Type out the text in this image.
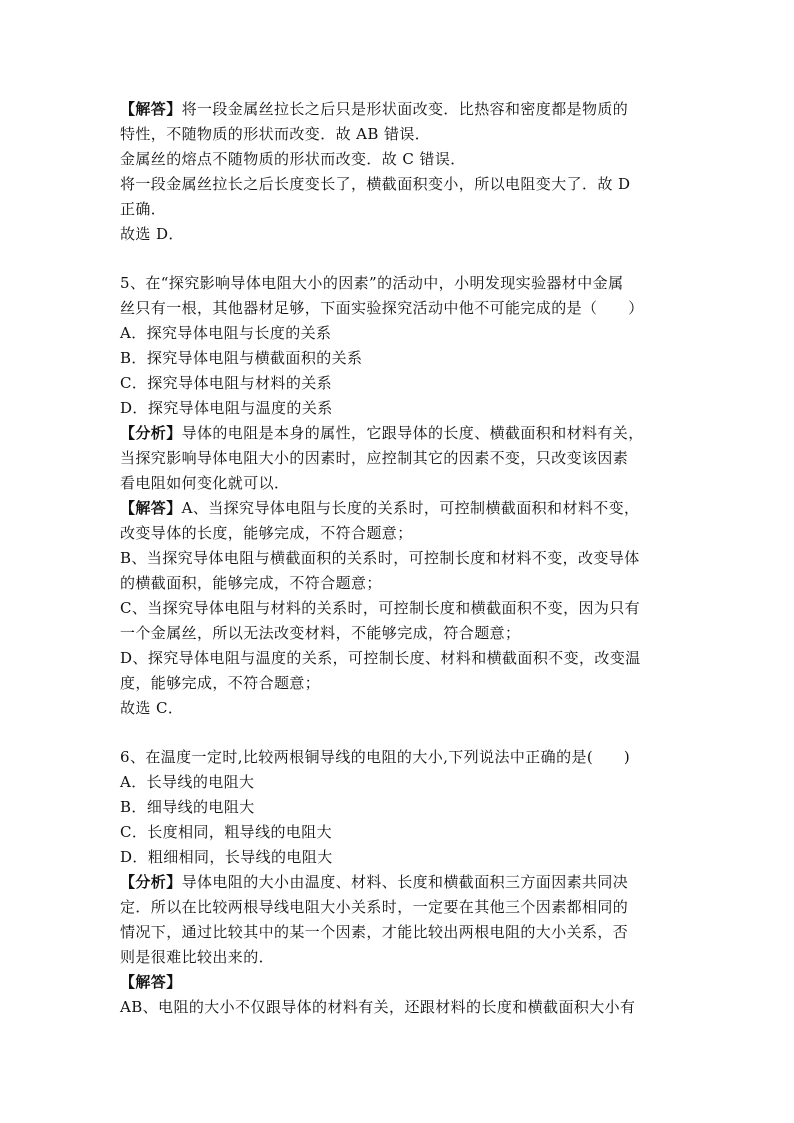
【解答】将一段金属丝拉长之后只是形状面改变．比热容和密度都是物质的
特性，不随物质的形状而改变．故 AB 错误．
金属丝的熔点不随物质的形状而改变．故 C 错误．
将一段金属丝拉长之后长度变长了，横截面积变小，所以电阻变大了．故 D
正确．
故选 D．
5、在“探究影响导体电阻大小的因素”的活动中，小明发现实验器材中金属
丝只有一根，其他器材足够，下面实验探究活动中他不可能完成的是（　　）
A．探究导体电阻与长度的关系
B．探究导体电阻与横截面积的关系
C．探究导体电阻与材料的关系
D．探究导体电阻与温度的关系
【分析】导体的电阻是本身的属性，它跟导体的长度、横截面积和材料有关，
当探究影响导体电阻大小的因素时，应控制其它的因素不变，只改变该因素
看电阻如何变化就可以．
【解答】A、当探究导体电阻与长度的关系时，可控制横截面积和材料不变，
改变导体的长度，能够完成，不符合题意；
B、当探究导体电阻与横截面积的关系时，可控制长度和材料不变，改变导体
的横截面积，能够完成，不符合题意；
C、当探究导体电阻与材料的关系时，可控制长度和横截面积不变，因为只有
一个金属丝，所以无法改变材料，不能够完成，符合题意；
D、探究导体电阻与温度的关系，可控制长度、材料和横截面积不变，改变温
度，能够完成，不符合题意；
故选 C．
6、在温度一定时,比较两根铜导线的电阻的大小,下列说法中正确的是(　　)
A．长导线的电阻大
B．细导线的电阻大
C．长度相同，粗导线的电阻大
D．粗细相同，长导线的电阻大
【分析】导体电阻的大小由温度、材料、长度和横截面积三方面因素共同决
定．所以在比较两根导线电阻大小关系时，一定要在其他三个因素都相同的
情况下，通过比较其中的某一个因素，才能比较出两根电阻的大小关系，否
则是很难比较出来的．
【解答】
AB、电阻的大小不仅跟导体的材料有关，还跟材料的长度和横截面积大小有
